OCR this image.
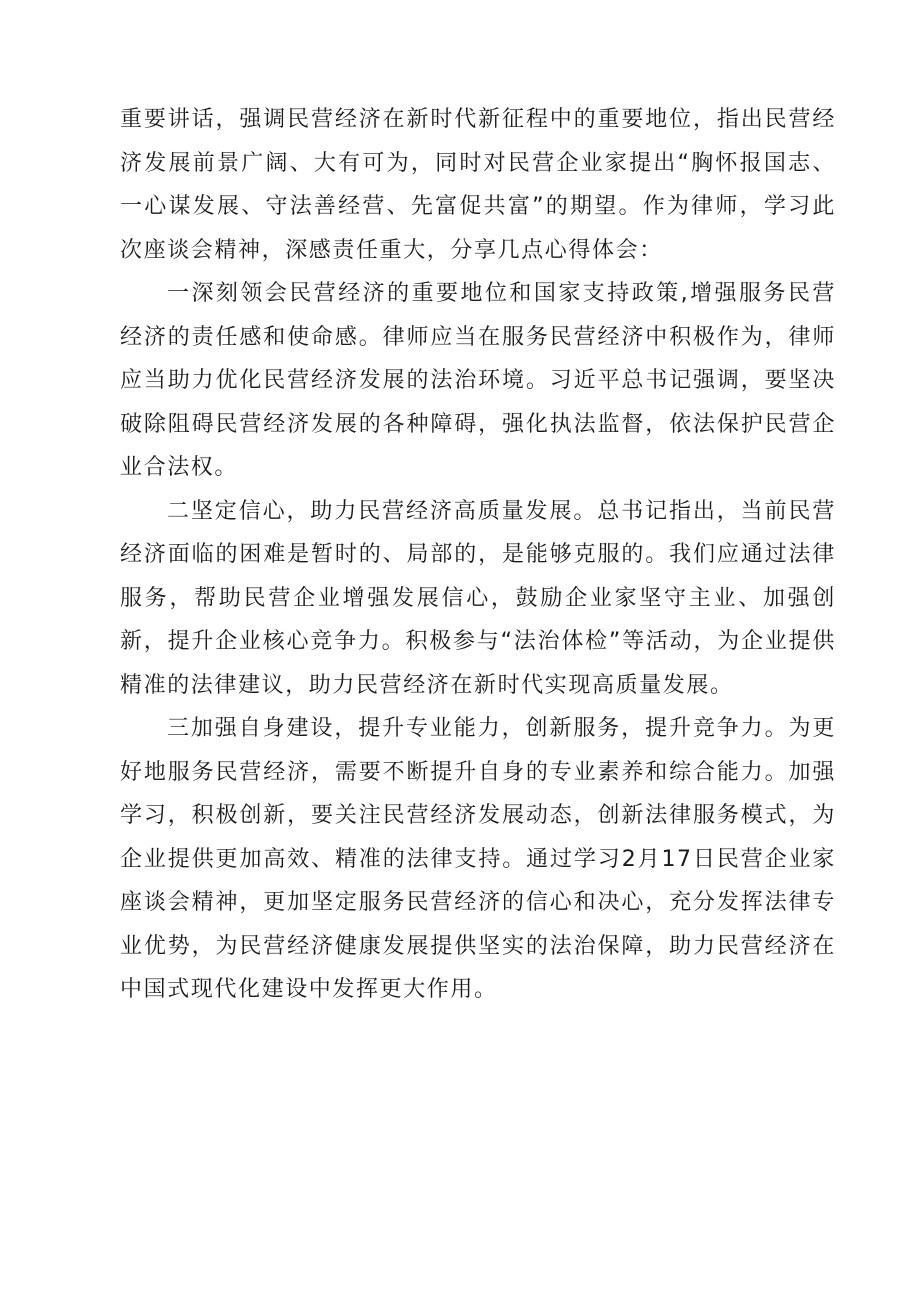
重要讲话，强调民营经济在新时代新征程中的重要地位，指出民营经济发展前景广阔、大有可为，同时对民营企业家提出“胸怀报国志、一心谋发展、守法善经营、先富促共富”的期望。作为律师，学习此次座谈会精神，深感责任重大，分享几点心得体会：

一深刻领会民营经济的重要地位和国家支持政策,增强服务民营经济的责任感和使命感。律师应当在服务民营经济中积极作为，律师应当助力优化民营经济发展的法治环境。习近平总书记强调，要坚决破除阻碍民营经济发展的各种障碍，强化执法监督，依法保护民营企业合法权。

二坚定信心，助力民营经济高质量发展。总书记指出，当前民营经济面临的困难是暂时的、局部的，是能够克服的。我们应通过法律服务，帮助民营企业增强发展信心，鼓励企业家坚守主业、加强创新，提升企业核心竞争力。积极参与“法治体检”等活动，为企业提供精准的法律建议，助力民营经济在新时代实现高质量发展。

三加强自身建设，提升专业能力，创新服务，提升竞争力。为更好地服务民营经济，需要不断提升自身的专业素养和综合能力。加强学习，积极创新，要关注民营经济发展动态，创新法律服务模式，为企业提供更加高效、精准的法律支持。通过学习2月17日民营企业家座谈会精神，更加坚定服务民营经济的信心和决心，充分发挥法律专业优势，为民营经济健康发展提供坚实的法治保障，助力民营经济在中国式现代化建设中发挥更大作用。
